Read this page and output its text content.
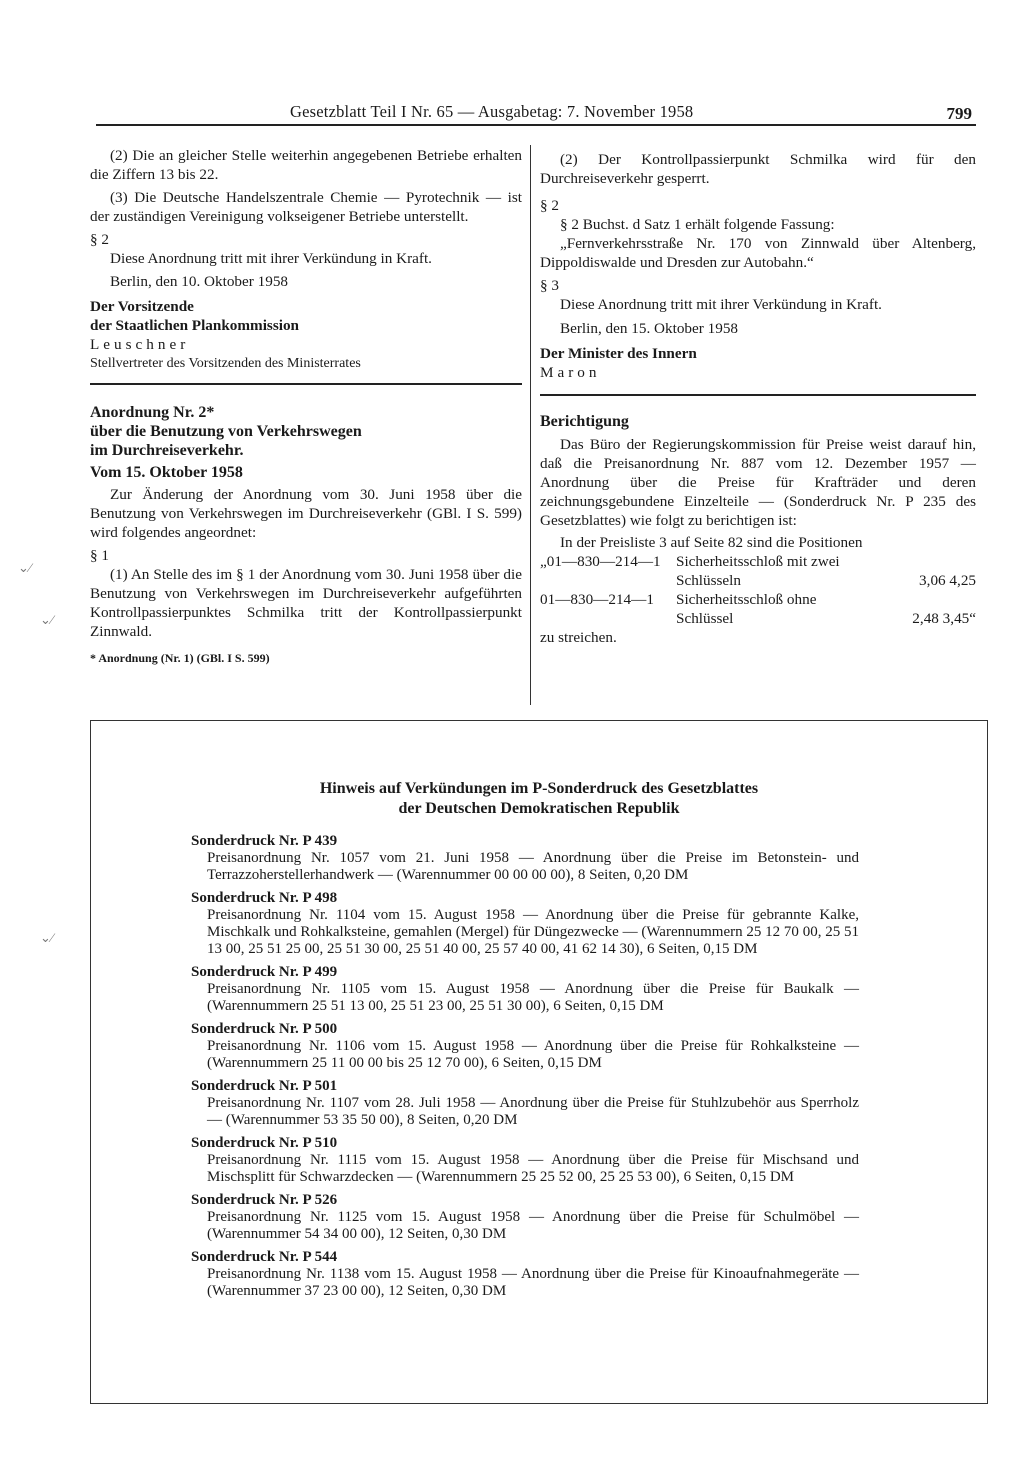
Gesetzblatt Teil I Nr. 65 — Ausgabetag: 7. November 1958	799

(2) Die an gleicher Stelle weiterhin angegebenen Betriebe erhalten die Ziffern 13 bis 22.

(3) Die Deutsche Handelszentrale Chemie — Pyrotechnik — ist der zuständigen Vereinigung volkseigener Betriebe unterstellt.

§ 2

Diese Anordnung tritt mit ihrer Verkündung in Kraft.

Berlin, den 10. Oktober 1958

Der Vorsitzende

der Staatlichen Plankommission

Leuschner

Stellvertreter des Vorsitzenden des Ministerrates

Anordnung Nr. 2*

über die Benutzung von Verkehrswegen

im Durchreiseverkehr.

Vom 15. Oktober 1958

Zur Änderung der Anordnung vom 30. Juni 1958 über die Benutzung von Verkehrswegen im Durchreiseverkehr (GBl. I S. 599) wird folgendes angeordnet:

§ 1

(1) An Stelle des im § 1 der Anordnung vom 30. Juni 1958 über die Benutzung von Verkehrswegen im Durchreiseverkehr aufgeführten Kontrollpassierpunktes Schmilka tritt der Kontrollpassierpunkt Zinnwald.

* Anordnung (Nr. 1) (GBl. I S. 599)

(2) Der Kontrollpassierpunkt Schmilka wird für den Durchreiseverkehr gesperrt.

§ 2

§ 2 Buchst. d Satz 1 erhält folgende Fassung:

„Fernverkehrsstraße Nr. 170 von Zinnwald über Altenberg, Dippoldiswalde und Dresden zur Autobahn.“

§ 3

Diese Anordnung tritt mit ihrer Verkündung in Kraft.

Berlin, den 15. Oktober 1958

Der Minister des Innern

Maron

Berichtigung

Das Büro der Regierungskommission für Preise weist darauf hin, daß die Preisanordnung Nr. 887 vom 12. Dezember 1957 — Anordnung über die Preise für Krafträder und deren zeichnungsgebundene Einzelteile — (Sonderdruck Nr. P 235 des Gesetzblattes) wie folgt zu berichtigen ist:

In der Preisliste 3 auf Seite 82 sind die Positionen

„01—830—214—1	Sicherheitsschloß mit zwei
Schlüsseln	3,06 4,25
01—830—214—1	Sicherheitsschloß ohne
Schlüssel	2,48 3,45“

zu streichen.

⌄⁄
⌄⁄
⌄⁄
Hinweis auf Verkündungen im P-Sonderdruck des Gesetzblattes
der Deutschen Demokratischen Republik
Sonderdruck Nr. P 439
Preisanordnung Nr. 1057 vom 21. Juni 1958 — Anordnung über die Preise im Betonstein- und Terrazzoherstellerhandwerk — (Warennummer 00 00 00 00), 8 Seiten, 0,20 DM
Sonderdruck Nr. P 498
Preisanordnung Nr. 1104 vom 15. August 1958 — Anordnung über die Preise für gebrannte Kalke, Mischkalk und Rohkalksteine, gemahlen (Mergel) für Düngezwecke — (Warennummern 25 12 70 00, 25 51 13 00, 25 51 25 00, 25 51 30 00, 25 51 40 00, 25 57 40 00, 41 62 14 30), 6 Seiten, 0,15 DM
Sonderdruck Nr. P 499
Preisanordnung Nr. 1105 vom 15. August 1958 — Anordnung über die Preise für Baukalk — (Warennummern 25 51 13 00, 25 51 23 00, 25 51 30 00), 6 Seiten, 0,15 DM
Sonderdruck Nr. P 500
Preisanordnung Nr. 1106 vom 15. August 1958 — Anordnung über die Preise für Rohkalksteine — (Warennummern 25 11 00 00 bis 25 12 70 00), 6 Seiten, 0,15 DM
Sonderdruck Nr. P 501
Preisanordnung Nr. 1107 vom 28. Juli 1958 — Anordnung über die Preise für Stuhlzubehör aus Sperrholz — (Warennummer 53 35 50 00), 8 Seiten, 0,20 DM
Sonderdruck Nr. P 510
Preisanordnung Nr. 1115 vom 15. August 1958 — Anordnung über die Preise für Mischsand und Mischsplitt für Schwarzdecken — (Warennummern 25 25 52 00, 25 25 53 00), 6 Seiten, 0,15 DM
Sonderdruck Nr. P 526
Preisanordnung Nr. 1125 vom 15. August 1958 — Anordnung über die Preise für Schulmöbel — (Warennummer 54 34 00 00), 12 Seiten, 0,30 DM
Sonderdruck Nr. P 544
Preisanordnung Nr. 1138 vom 15. August 1958 — Anordnung über die Preise für Kinoaufnahmegeräte — (Warennummer 37 23 00 00), 12 Seiten, 0,30 DM
